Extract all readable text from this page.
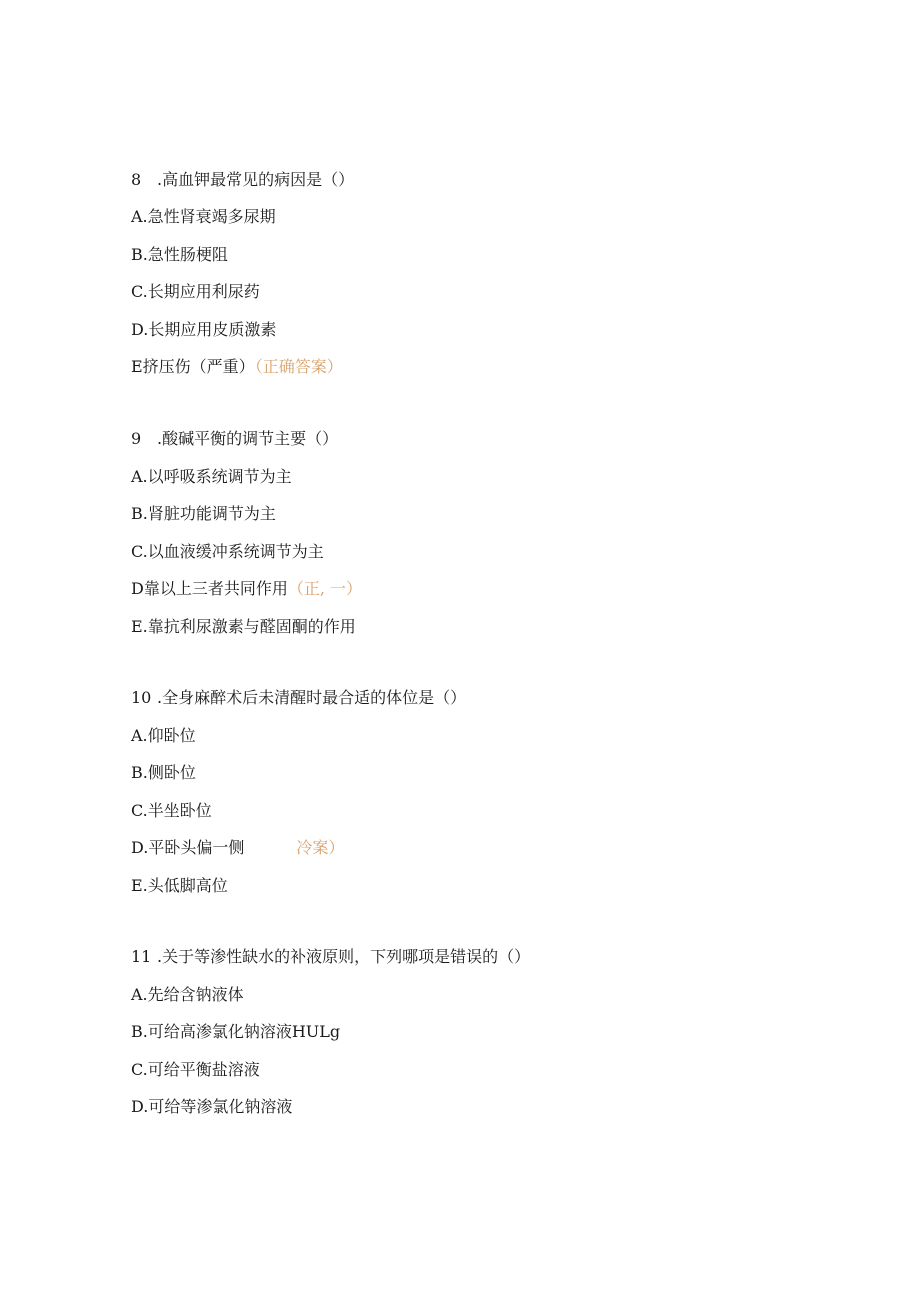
8 .高血钾最常见的病因是（）
A.急性肾衰竭多尿期
B.急性肠梗阻
C.长期应用利尿药
D.长期应用皮质激素
E挤压伤（严重）（正确答案）
9 .酸碱平衡的调节主要（）
A.以呼吸系统调节为主
B.肾脏功能调节为主
C.以血液缓冲系统调节为主
D靠以上三者共同作用（正, 一）
E.靠抗利尿激素与醛固酮的作用
10 .全身麻醉术后未清醒时最合适的体位是（）
A.仰卧位
B.侧卧位
C.半坐卧位
D.平卧头偏一侧	冷案）
E.头低脚高位
11 .关于等渗性缺水的补液原则，下列哪项是错误的（）
A.先给含钠液体
B.可给高渗氯化钠溶液HULg
C.可给平衡盐溶液
D.可给等渗氯化钠溶液
